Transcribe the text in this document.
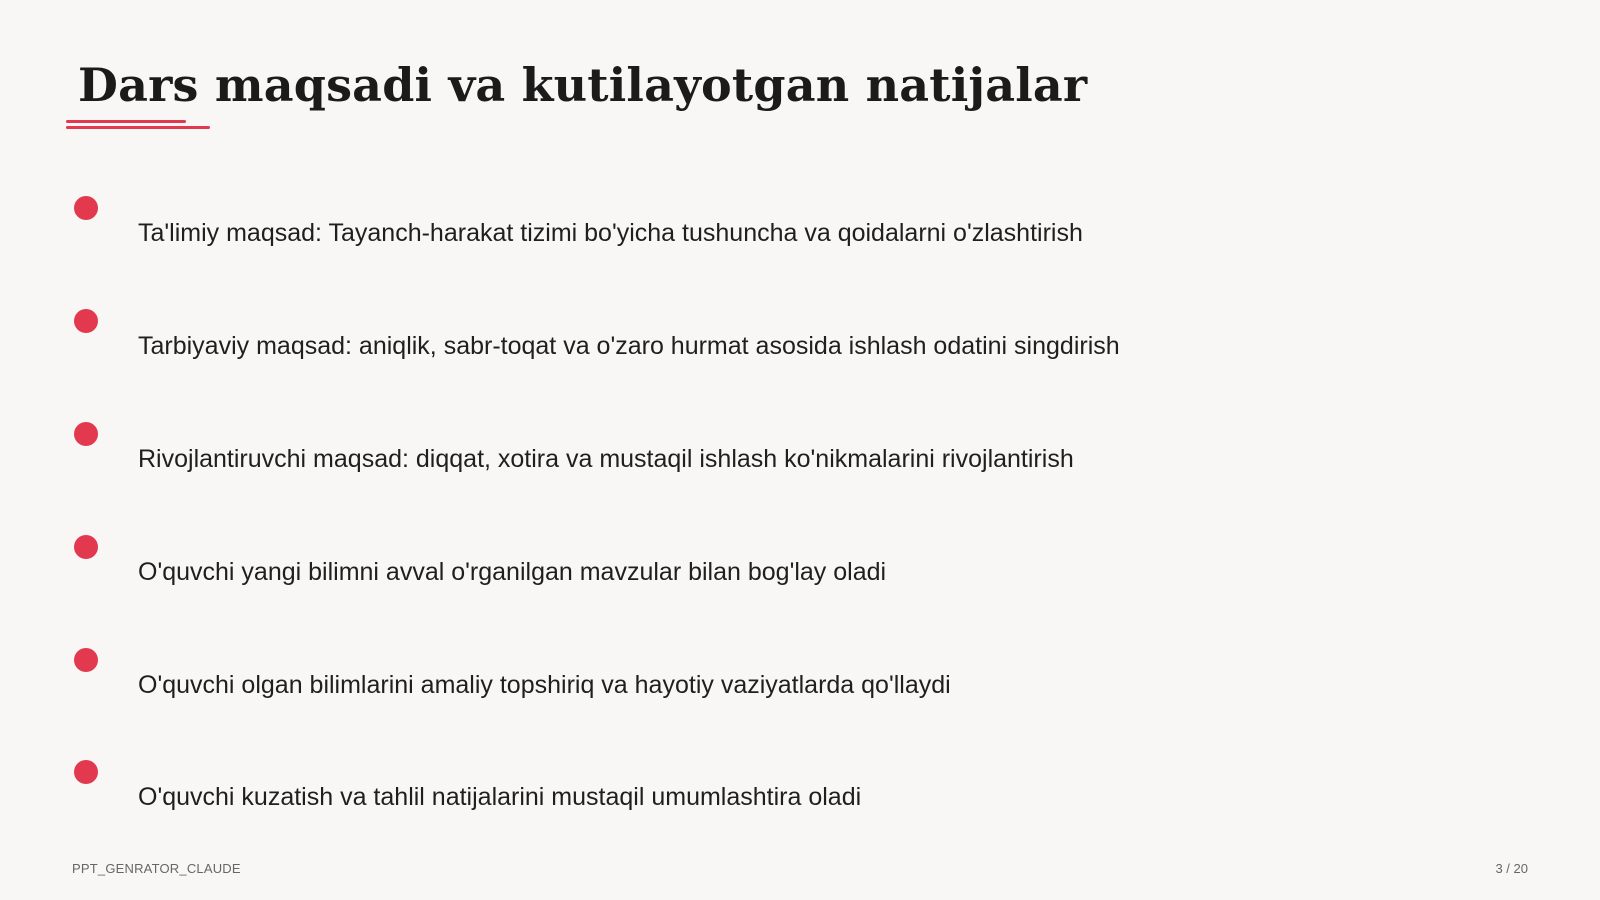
Dars maqsadi va kutilayotgan natijalar
Ta'limiy maqsad: Tayanch-harakat tizimi bo'yicha tushuncha va qoidalarni o'zlashtirish
Tarbiyaviy maqsad: aniqlik, sabr-toqat va o'zaro hurmat asosida ishlash odatini singdirish
Rivojlantiruvchi maqsad: diqqat, xotira va mustaqil ishlash ko'nikmalarini rivojlantirish
O'quvchi yangi bilimni avval o'rganilgan mavzular bilan bog'lay oladi
O'quvchi olgan bilimlarini amaliy topshiriq va hayotiy vaziyatlarda qo'llaydi
O'quvchi kuzatish va tahlil natijalarini mustaqil umumlashtira oladi
PPT_GENRATOR_CLAUDE	3 / 20
